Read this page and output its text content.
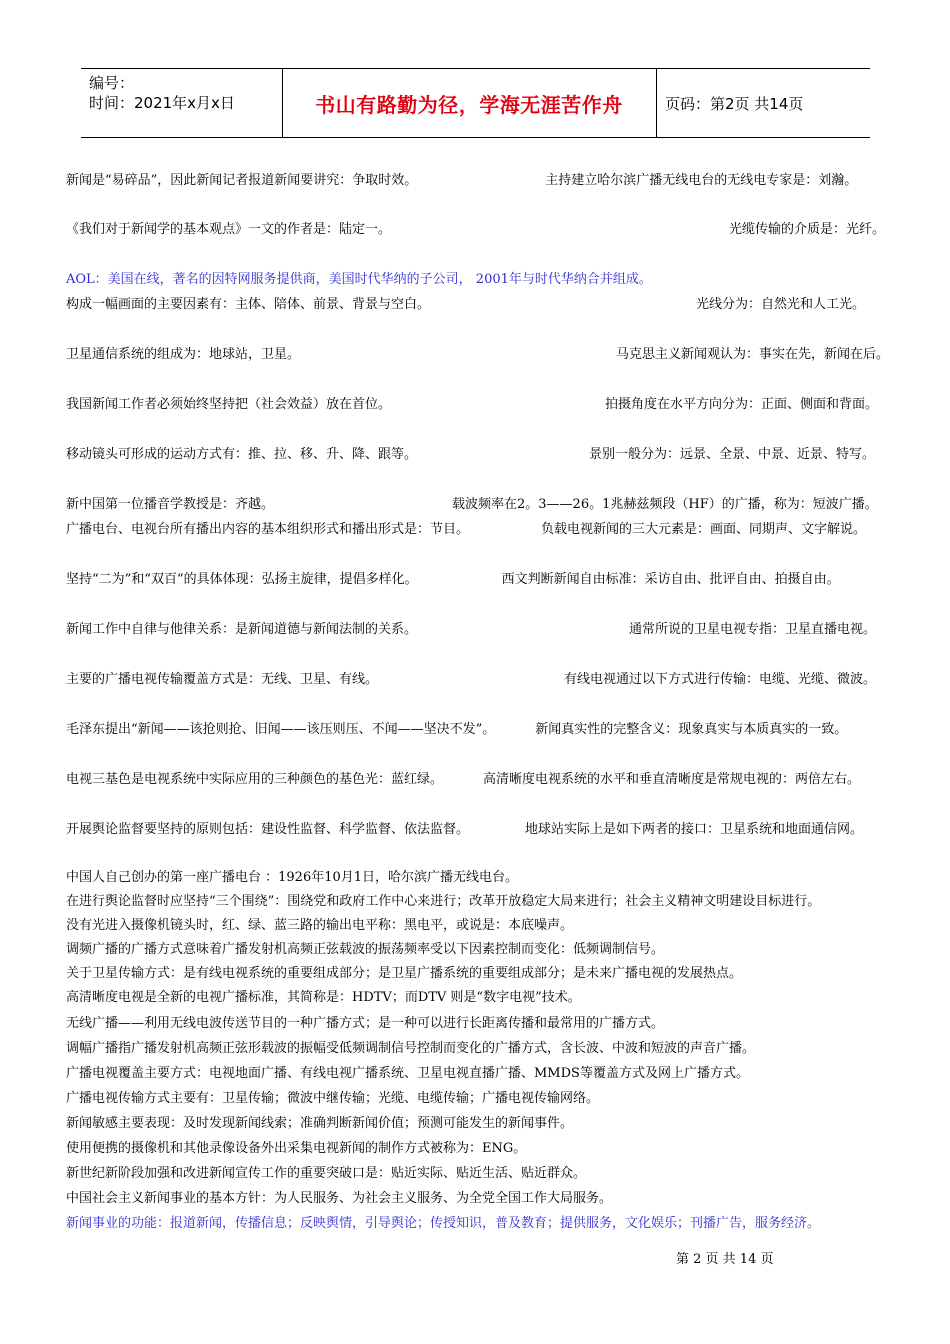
编号：
时间：2021年x月x日	书山有路勤为径，学海无涯苦作舟	页码：第2页 共14页
新闻是“易碎品”，因此新闻记者报道新闻要讲究：争取时效。	主持建立哈尔滨广播无线电台的无线电专家是：刘瀚。
《我们对于新闻学的基本观点》一文的作者是：陆定一。	光缆传输的介质是：光纤。
AOL：美国在线，著名的因特网服务提供商，美国时代华纳的子公司， 2001年与时代华纳合并组成。
构成一幅画面的主要因素有：主体、陪体、前景、背景与空白。	光线分为：自然光和人工光。
卫星通信系统的组成为：地球站，卫星。	马克思主义新闻观认为：事实在先，新闻在后。
我国新闻工作者必须始终坚持把（社会效益）放在首位。	拍摄角度在水平方向分为：正面、侧面和背面。
移动镜头可形成的运动方式有：推、拉、移、升、降、跟等。	景别一般分为：远景、全景、中景、近景、特写。
新中国第一位播音学教授是：齐越。	载波频率在2。3——26。1兆赫兹频段（HF）的广播，称为：短波广播。
广播电台、电视台所有播出内容的基本组织形式和播出形式是：节目。	负载电视新闻的三大元素是：画面、同期声、文字解说。
坚持“二为”和“双百”的具体体现：弘扬主旋律，提倡多样化。	西文判断新闻自由标准：采访自由、批评自由、拍摄自由。
新闻工作中自律与他律关系：是新闻道德与新闻法制的关系。	通常所说的卫星电视专指：卫星直播电视。
主要的广播电视传输覆盖方式是：无线、卫星、有线。	有线电视通过以下方式进行传输：电缆、光缆、微波。
毛泽东提出“新闻——该抢则抢、旧闻——该压则压、不闻——坚决不发”。	新闻真实性的完整含义：现象真实与本质真实的一致。
电视三基色是电视系统中实际应用的三种颜色的基色光：蓝红绿。	高清晰度电视系统的水平和垂直清晰度是常规电视的：两倍左右。
开展舆论监督要坚持的原则包括：建设性监督、科学监督、依法监督。	地球站实际上是如下两者的接口：卫星系统和地面通信网。
中国人自己创办的第一座广播电台 ：1926年10月1日，哈尔滨广播无线电台。
在进行舆论监督时应坚持“三个围绕”：围绕党和政府工作中心来进行；改革开放稳定大局来进行；社会主义精神文明建设目标进行。
没有光进入摄像机镜头时，红、绿、蓝三路的输出电平称：黑电平，或说是：本底噪声。
调频广播的广播方式意味着广播发射机高频正弦载波的振荡频率受以下因素控制而变化：低频调制信号。
关于卫星传输方式：是有线电视系统的重要组成部分；是卫星广播系统的重要组成部分；是未来广播电视的发展热点。
高清晰度电视是全新的电视广播标准，其简称是：HDTV；而DTV 则是“数字电视”技术。
无线广播——利用无线电波传送节目的一种广播方式；是一种可以进行长距离传播和最常用的广播方式。
调幅广播指广播发射机高频正弦形载波的振幅受低频调制信号控制而变化的广播方式，含长波、中波和短波的声音广播。
广播电视覆盖主要方式：电视地面广播、有线电视广播系统、卫星电视直播广播、MMDS等覆盖方式及网上广播方式。
广播电视传输方式主要有：卫星传输；微波中继传输；光缆、电缆传输；广播电视传输网络。
新闻敏感主要表现：及时发现新闻线索；准确判断新闻价值；预测可能发生的新闻事件。
使用便携的摄像机和其他录像设备外出采集电视新闻的制作方式被称为：ENG。
新世纪新阶段加强和改进新闻宣传工作的重要突破口是：贴近实际、贴近生活、贴近群众。
中国社会主义新闻事业的基本方针：为人民服务、为社会主义服务、为全党全国工作大局服务。
新闻事业的功能：报道新闻，传播信息；反映舆情，引导舆论；传授知识，普及教育；提供服务，文化娱乐；刊播广告，服务经济。
第 2 页 共 14 页
